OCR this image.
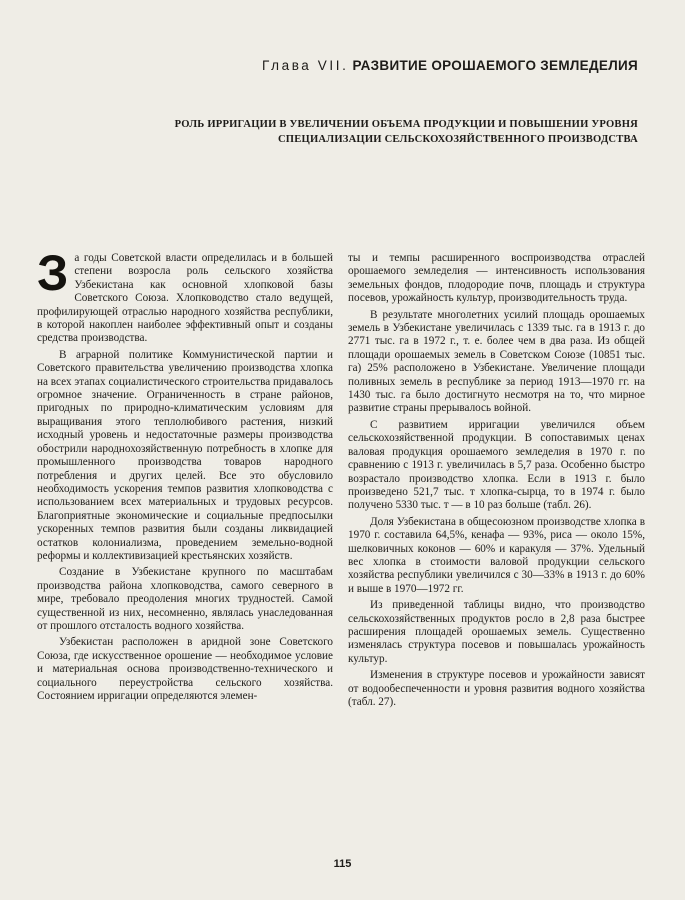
Глава VII. РАЗВИТИЕ ОРОШАЕМОГО ЗЕМЛЕДЕЛИЯ
РОЛЬ ИРРИГАЦИИ В УВЕЛИЧЕНИИ ОБЪЕМА ПРОДУКЦИИ И ПОВЫШЕНИИ УРОВНЯ
СПЕЦИАЛИЗАЦИИ СЕЛЬСКОХОЗЯЙСТВЕННОГО ПРОИЗВОДСТВА

За годы Советской власти определилась и в большей степени возросла роль сельского хозяйства Узбекистана как основной хлопковой базы Советского Союза. Хлопководство стало ведущей, профилирующей отраслью народного хозяйства республики, в которой накоплен наиболее эффективный опыт и созданы средства производства.

В аграрной политике Коммунистической партии и Советского правительства увеличению производства хлопка на всех этапах социалистического строительства придавалось огромное значение. Ограниченность в стране районов, пригодных по природно-климатическим условиям для выращивания этого теплолюбивого растения, низкий исходный уровень и недостаточные размеры производства обострили народнохозяйственную потребность в хлопке для промышленного производства товаров народного потребления и других целей. Все это обусловило необходимость ускорения темпов развития хлопководства с использованием всех материальных и трудовых ресурсов. Благоприятные экономические и социальные предпосылки ускоренных темпов развития были созданы ликвидацией остатков колониализма, проведением земельно-водной реформы и коллективизацией крестьянских хозяйств.

Создание в Узбекистане крупного по масштабам производства района хлопководства, самого северного в мире, требовало преодоления многих трудностей. Самой существенной из них, несомненно, являлась унаследованная от прошлого отсталость водного хозяйства.

Узбекистан расположен в аридной зоне Советского Союза, где искусственное орошение — необходимое условие и материальная основа производственно-технического и социального переустройства сельского хозяйства. Состоянием ирригации определяются элемен-

ты и темпы расширенного воспроизводства отраслей орошаемого земледелия — интенсивность использования земельных фондов, плодородие почв, площадь и структура посевов, урожайность культур, производительность труда.

В результате многолетних усилий площадь орошаемых земель в Узбекистане увеличилась с 1339 тыс. га в 1913 г. до 2771 тыс. га в 1972 г., т. е. более чем в два раза. Из общей площади орошаемых земель в Советском Союзе (10851 тыс. га) 25% расположено в Узбекистане. Увеличение площади поливных земель в республике за период 1913—1970 гг. на 1430 тыс. га было достигнуто несмотря на то, что мирное развитие страны прерывалось войной.

С развитием ирригации увеличился объем сельскохозяйственной продукции. В сопоставимых ценах валовая продукция орошаемого земледелия в 1970 г. по сравнению с 1913 г. увеличилась в 5,7 раза. Особенно быстро возрастало производство хлопка. Если в 1913 г. было произведено 521,7 тыс. т хлопка-сырца, то в 1974 г. было получено 5330 тыс. т — в 10 раз больше (табл. 26).

Доля Узбекистана в общесоюзном производстве хлопка в 1970 г. составила 64,5%, кенафа — 93%, риса — около 15%, шелковичных коконов — 60% и каракуля — 37%. Удельный вес хлопка в стоимости валовой продукции сельского хозяйства республики увеличился с 30—33% в 1913 г. до 60% и выше в 1970—1972 гг.

Из приведенной таблицы видно, что производство сельскохозяйственных продуктов росло в 2,8 раза быстрее расширения площадей орошаемых земель. Существенно изменялась структура посевов и повышалась урожайность культур.

Изменения в структуре посевов и урожайности зависят от водообеспеченности и уровня развития водного хозяйства (табл. 27).

115
